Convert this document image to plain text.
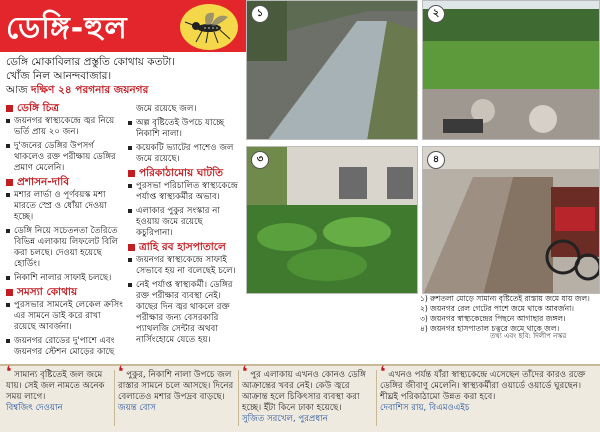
ডেঙ্গি-হুল
ডেঙ্গি মোকাবিলার প্রস্তুতি কোথায় কতটা।
খোঁজ নিল আনন্দবাজার।
আজ দক্ষিণ ২৪ পরগনার জয়নগর
ডেঙ্গি চিত্র
জয়নগর স্বাস্থ্যকেন্দ্রে জ্বর নিয়ে ভর্তি প্রায় ২০ জন।
দু'জনের ডেঙ্গির উপসর্গ থাকলেও রক্ত পরীক্ষায় ডেঙ্গির প্রমাণ মেলেনি।
প্রশাসন-দাবি
মশার লার্ভা ও পূর্ণবয়স্ক মশা মারতে স্প্রে ও ধোঁয়া দেওয়া হচ্ছে।
ডেঙ্গি নিয়ে সচেতনতা তৈরিতে বিভিন্ন এলাকায় লিফলেট বিলি করা চলছে। দেওয়া হয়েছে হোর্ডিং।
নিকাশি নালার সাফাই চলছে।
সমস্যা কোথায়
পুরসভার সামনেই লেকেল ক্রসিং এর সামনে ডাই করে রাখা রয়েছে আবর্জনা।
জয়নগর রোডের দু'পাশে এবং জয়নগর স্টেশন মোড়ের কাছে
জমে রয়েছে জল।
অল্প বৃষ্টিতেই উপচে যাচ্ছে নিকাশি নালা।
কয়েকটি ভ্যাটের পাশেও জল জমে রয়েছে।
পরিকাঠামোয় ঘাটতি
পুরসভা পরিচালিত স্বাস্থ্যকেন্দ্রে পর্যাপ্ত স্বাস্থ্যকর্মীর অভাব।
এলাকার পুকুর সংস্কার না হওয়ায় জমে রয়েছে কচুরিপানা।
ত্রাহি রব হাসপাতালে
জয়নগর স্বাস্থ্যকেন্দ্রে সাফাই সেভাবে হয় না বলেছেই চলে।
নেই পর্যাপ্ত স্বাস্থ্যকর্মী। ডেঙ্গির রক্ত পরীক্ষার ব্যবস্থা নেই। কাছের দিন জ্বর থাকলে রক্ত পরীক্ষার জন্য বেসরকারি প্যাথলজি সেন্টার অথবা নার্সিংহোমে যেতে হয়।
১	২
৩	৪
১) রুশতলা মোড়ে সামান্য বৃষ্টিতেই রাস্তায় জমে যায় জল।
২) জয়নগর রেল গেটের পাশে জমে থাকে আবর্জনা।
৩) জয়নগর স্বাস্থ্যকেন্দ্রের পিছনে আগাছার জঙ্গল।
৪) জয়নগর হাসপাতাল চত্বরে জমে থাকে জল।
তথ্য এবং ছবি: দিলীপ নস্কর
❛ সামান্য বৃষ্টিতেই জল জমে যায়। সেই জল নামতে অনেক সময় লাগে।
বিশ্বজিৎ দেওয়ান
❛ পুকুর, নিকাশি নালা উপচে জল রাস্তার সামনে চলে আসছে। দিনের বেলাতেও মশার উপদ্রব বাড়ছে।
জয়ন্ত বোস
❛ পুর এলাকায় এখনও কোনও ডেঙ্গি আক্রান্তের খবর নেই। কেউ জ্বরে আক্রান্ত হলে চিকিৎসার ব্যবস্থা করা হচ্ছে। ইঁটা কিনে ঢাকা হয়েছে।
সুজিত সরখেল, পুরপ্রধান
❛ এখনও পর্যন্ত যাঁরা স্বাস্থ্যকেন্দ্রে এসেছেন তাঁদের কারও রক্তে ডেঙ্গির জীবাণু মেলেনি। স্বাস্থ্যকর্মীরা ওয়ার্ডে ওয়ার্ডে ঘুরছেন। শীঘ্রই পরিকাঠামো উন্নত করা হবে।
দেবাশিস রায়, বিএমওএইচ
